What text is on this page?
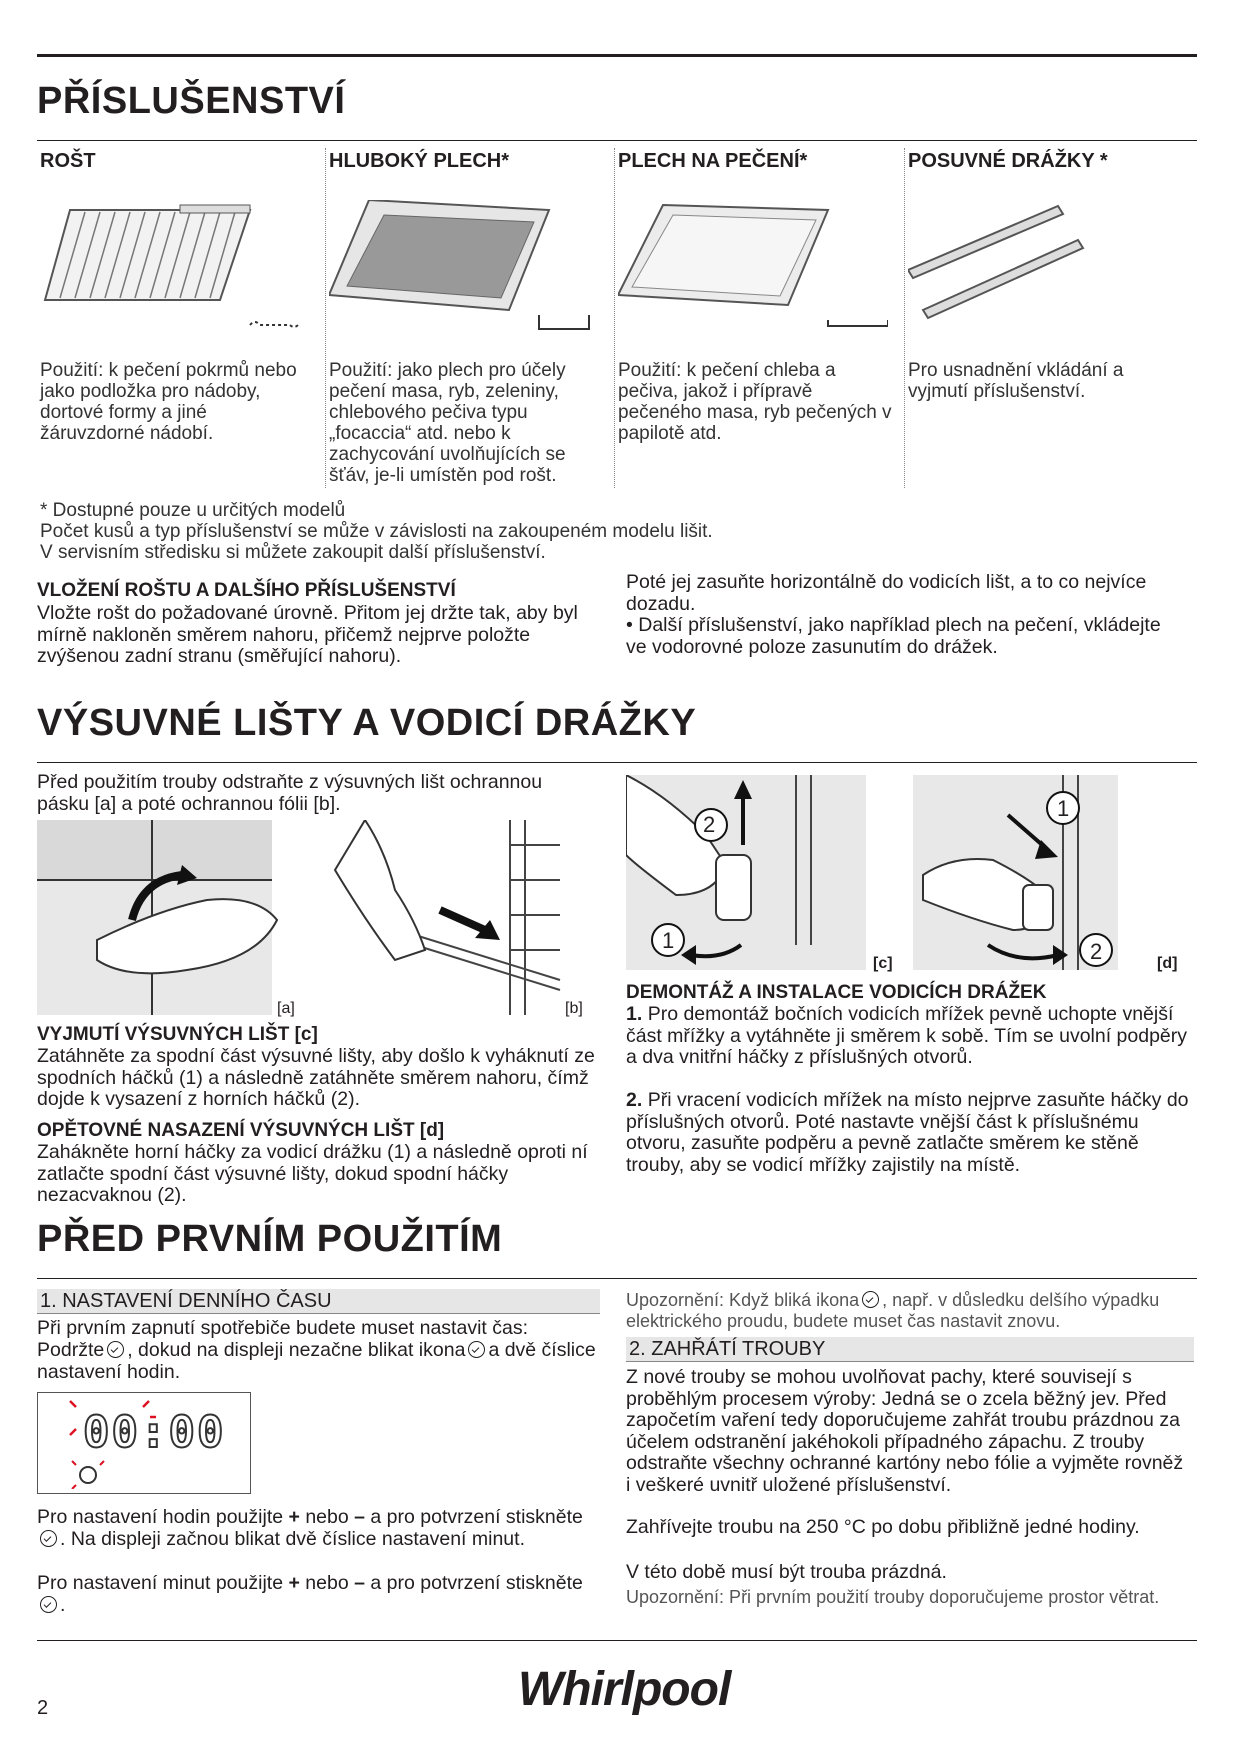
PŘÍSLUŠENSTVÍ
ROŠT	HLUBOKÝ PLECH*	PLECH NA PEČENÍ*	POSUVNÉ DRÁŽKY *
Použití: k pečení pokrmů nebo jako podložka pro nádoby, dortové formy a jiné žáruvzdorné nádobí.
Použití: jako plech pro účely pečení masa, ryb, zeleniny, chlebového pečiva typu „focaccia“ atd. nebo k zachycování uvolňujících se šťáv, je-li umístěn pod rošt.
Použití: k pečení chleba a pečiva, jakož i přípravě pečeného masa, ryb pečených v papilotě atd.
Pro usnadnění vkládání a vyjmutí příslušenství.
* Dostupné pouze u určitých modelů
Počet kusů a typ příslušenství se může v závislosti na zakoupeném modelu lišit.
V servisním středisku si můžete zakoupit další příslušenství.
VLOŽENÍ ROŠTU A DALŠÍHO PŘÍSLUŠENSTVÍ
Vložte rošt do požadované úrovně. Přitom jej držte tak, aby byl mírně nakloněn směrem nahoru, přičemž nejprve položte zvýšenou zadní stranu (směřující nahoru).
Poté jej zasuňte horizontálně do vodicích lišt, a to co nejvíce dozadu.
• Další příslušenství, jako například plech na pečení, vkládejte ve vodorovné poloze zasunutím do drážek.
VÝSUVNÉ LIŠTY A VODICÍ DRÁŽKY
Před použitím trouby odstraňte z výsuvných lišt ochrannou pásku [a] a poté ochrannou fólii [b].
[a]	[b]
2
1
[c]
1
2	[d]
VYJMUTÍ VÝSUVNÝCH LIŠT [c]
Zatáhněte za spodní část výsuvné lišty, aby došlo k vyháknutí ze spodních háčků (1) a následně zatáhněte směrem nahoru, čímž dojde k vysazení z horních háčků (2).
OPĚTOVNÉ NASAZENÍ VÝSUVNÝCH LIŠT [d]
Zahákněte horní háčky za vodicí drážku (1) a následně oproti ní zatlačte spodní část výsuvné lišty, dokud spodní háčky nezacvaknou (2).
DEMONTÁŽ A INSTALACE VODICÍCH DRÁŽEK
1. Pro demontáž bočních vodicích mřížek pevně uchopte vnější část mřížky a vytáhněte ji směrem k sobě. Tím se uvolní podpěry a dva vnitřní háčky z příslušných otvorů.
2. Při vracení vodicích mřížek na místo nejprve zasuňte háčky do příslušných otvorů. Poté nastavte vnější část k příslušnému otvoru, zasuňte podpěru a pevně zatlačte směrem ke stěně trouby, aby se vodicí mřížky zajistily na místě.
PŘED PRVNÍM POUŽITÍM
1. NASTAVENÍ DENNÍHO ČASU
Při prvním zapnutí spotřebiče budete muset nastavit čas:
Podržte , dokud na displeji nezačne blikat ikona a dvě číslice nastavení hodin.
00:00
Pro nastavení hodin použijte + nebo – a pro potvrzení stiskněte. Na displeji začnou blikat dvě číslice nastavení minut.
Pro nastavení minut použijte + nebo – a pro potvrzení stiskněte.
Upozornění: Když bliká ikona , např. v důsledku delšího výpadku elektrického proudu, budete muset čas nastavit znovu.
2. ZAHŘÁTÍ TROUBY
Z nové trouby se mohou uvolňovat pachy, které souvisejí s proběhlým procesem výroby: Jedná se o zcela běžný jev. Před započetím vaření tedy doporučujeme zahřát troubu prázdnou za účelem odstranění jakéhokoli případného zápachu. Z trouby odstraňte všechny ochranné kartóny nebo fólie a vyjměte rovněž i veškeré uvnitř uložené příslušenství.
Zahřívejte troubu na 250 °C po dobu přibližně jedné hodiny.
V této době musí být trouba prázdná.
Upozornění: Při prvním použití trouby doporučujeme prostor větrat.
2	Whirlpool
